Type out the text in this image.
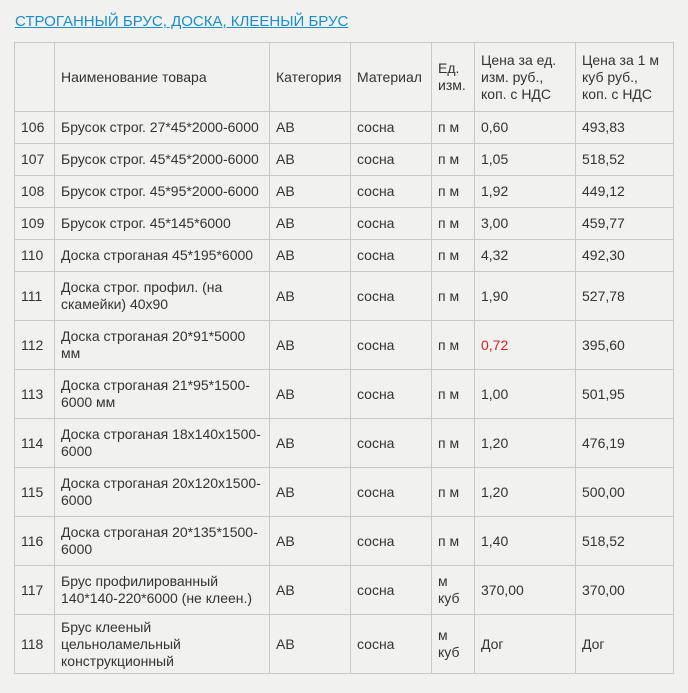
СТРОГАННЫЙ БРУС, ДОСКА, КЛЕЕНЫЙ БРУС
	Наименование товара	Категория	Материал	Ед. изм.	Цена за ед. изм. руб., коп. с НДС	Цена за 1 м куб руб., коп. с НДС
106	Брусок строг. 27*45*2000-6000	АВ	сосна	п м	0,60	493,83
107	Брусок строг. 45*45*2000-6000	АВ	сосна	п м	1,05	518,52
108	Брусок строг. 45*95*2000-6000	АВ	сосна	п м	1,92	449,12
109	Брусок строг. 45*145*6000	АВ	сосна	п м	3,00	459,77
110	Доска строганая 45*195*6000	АВ	сосна	п м	4,32	492,30
111	Доска строг. профил. (на скамейки) 40х90	АВ	сосна	п м	1,90	527,78
112	Доска строганая 20*91*5000 мм	АВ	сосна	п м	0,72	395,60
113	Доска строганая 21*95*1500-6000 мм	АВ	сосна	п м	1,00	501,95
114	Доска строганая 18х140х1500-6000	АВ	сосна	п м	1,20	476,19
115	Доска строганая 20х120х1500-6000	АВ	сосна	п м	1,20	500,00
116	Доска строганая 20*135*1500-6000	АВ	сосна	п м	1,40	518,52
117	Брус профилированный 140*140-220*6000 (не клеен.)	АВ	сосна	м куб	370,00	370,00
118	Брус клееный цельноламельный конструкционный	АВ	сосна	м куб	Дог	Дог
